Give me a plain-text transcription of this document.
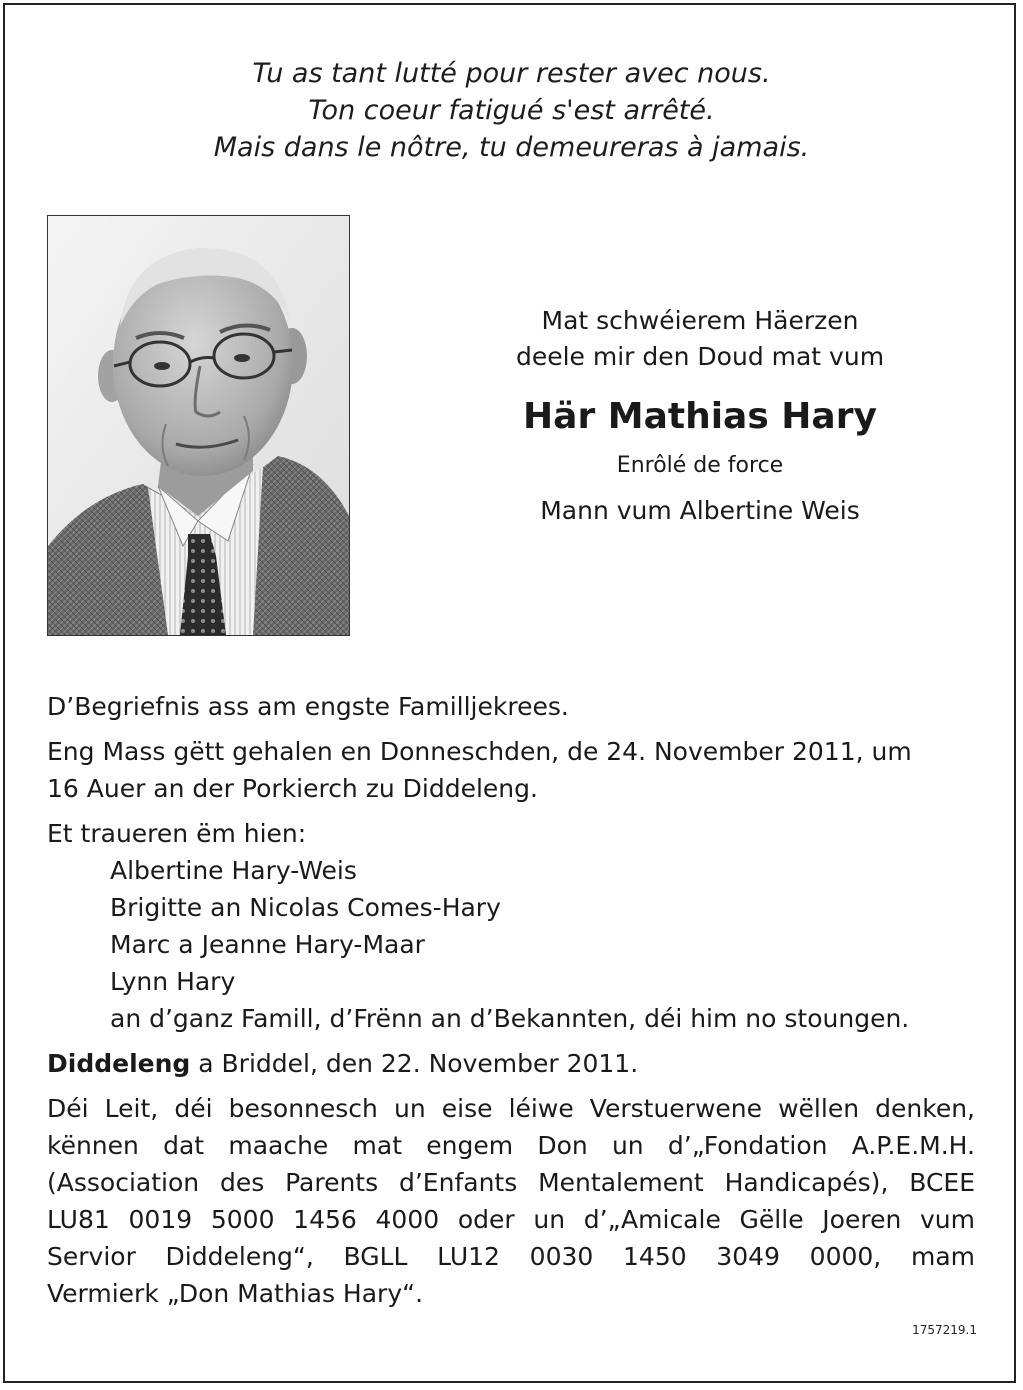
Tu as tant lutté pour rester avec nous.
Ton coeur fatigué s'est arrêté.
Mais dans le nôtre, tu demeureras à jamais.
Mat schwéierem Häerzen
deele mir den Doud mat vum
Här Mathias Hary
Enrôlé de force
Mann vum Albertine Weis
D’Begriefnis ass am engste Familljekrees.
Eng Mass gëtt gehalen en Donneschden, de 24. November 2011, um
16 Auer an der Porkierch zu Diddeleng.
Et traueren ëm hien:
Albertine Hary-Weis
Brigitte an Nicolas Comes-Hary
Marc a Jeanne Hary-Maar
Lynn Hary
an d’ganz Famill, d’Frënn an d’Bekannten, déi him no stoungen.
Diddeleng a Briddel, den 22. November 2011.
Déi Leit, déi besonnesch un eise léiwe Verstuerwene wëllen denken,
kënnen dat maache mat engem Don un d’„Fondation A.P.E.M.H.
(Association des Parents d’Enfants Mentalement Handicapés), BCEE
LU81 0019 5000 1456 4000 oder un d’„Amicale Gëlle Joeren vum
Servior Diddeleng“, BGLL LU12 0030 1450 3049 0000, mam
Vermierk „Don Mathias Hary“.
1757219.1
